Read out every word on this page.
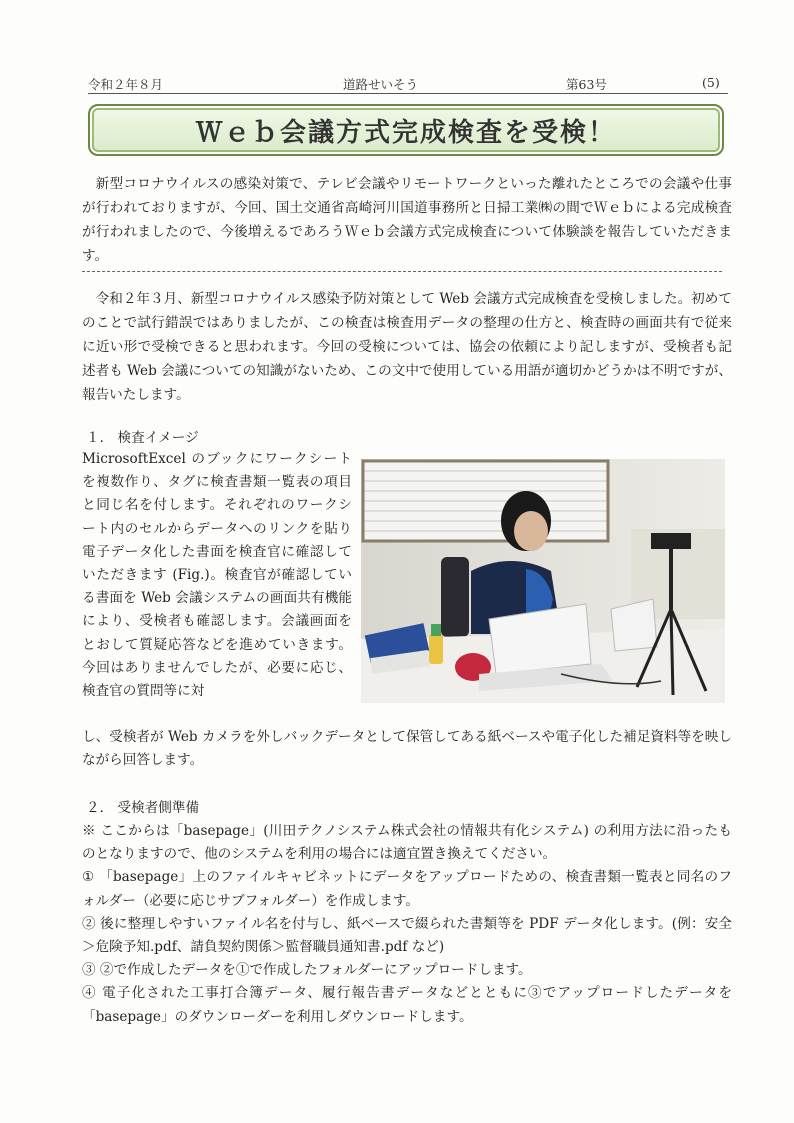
令和２年８月	道路せいそう	第63号	(5)
Ｗｅｂ会議方式完成検査を受検！

新型コロナウイルスの感染対策で、テレビ会議やリモートワークといった離れたところでの会議や仕事が行われておりますが、今回、国土交通省高崎河川国道事務所と日掃工業㈱の間でＷｅｂによる完成検査が行われましたので、今後増えるであろうＷｅｂ会議方式完成検査について体験談を報告していただきます。

令和２年３月、新型コロナウイルス感染予防対策として Web 会議方式完成検査を受検しました。初めてのことで試行錯誤ではありましたが、この検査は検査用データの整理の仕方と、検査時の画面共有で従来に近い形で受検できると思われます。今回の受検については、協会の依頼により記しますが、受検者も記述者も Web 会議についての知識がないため、この文中で使用している用語が適切かどうかは不明ですが、報告いたします。

１． 検査イメージ

MicrosoftExcel のブックにワークシートを複数作り、タグに検査書類一覧表の項目と同じ名を付します。それぞれのワークシート内のセルからデータへのリンクを貼り電子データ化した書面を検査官に確認していただきます (Fig.)。検査官が確認している書面を Web 会議システムの画面共有機能により、受検者も確認します。会議画面をとおして質疑応答などを進めていきます。今回はありませんでしたが、必要に応じ、検査官の質問等に対

し、受検者が Web カメラを外しバックデータとして保管してある紙ベースや電子化した補足資料等を映しながら回答します。

２． 受検者側準備

※ ここからは「basepage」(川田テクノシステム株式会社の情報共有化システム) の利用方法に沿ったものとなりますので、他のシステムを利用の場合には適宜置き換えてください。
① 「basepage」上のファイルキャビネットにデータをアップロードための、検査書類一覧表と同名のフォルダー（必要に応じサブフォルダー）を作成します。
② 後に整理しやすいファイル名を付与し、紙ベースで綴られた書類等を PDF データ化します。(例：安全＞危険予知.pdf、請負契約関係＞監督職員通知書.pdf など)
③ ②で作成したデータを①で作成したフォルダーにアップロードします。
④ 電子化された工事打合簿データ、履行報告書データなどとともに③でアップロードしたデータを「basepage」のダウンローダーを利用しダウンロードします。
